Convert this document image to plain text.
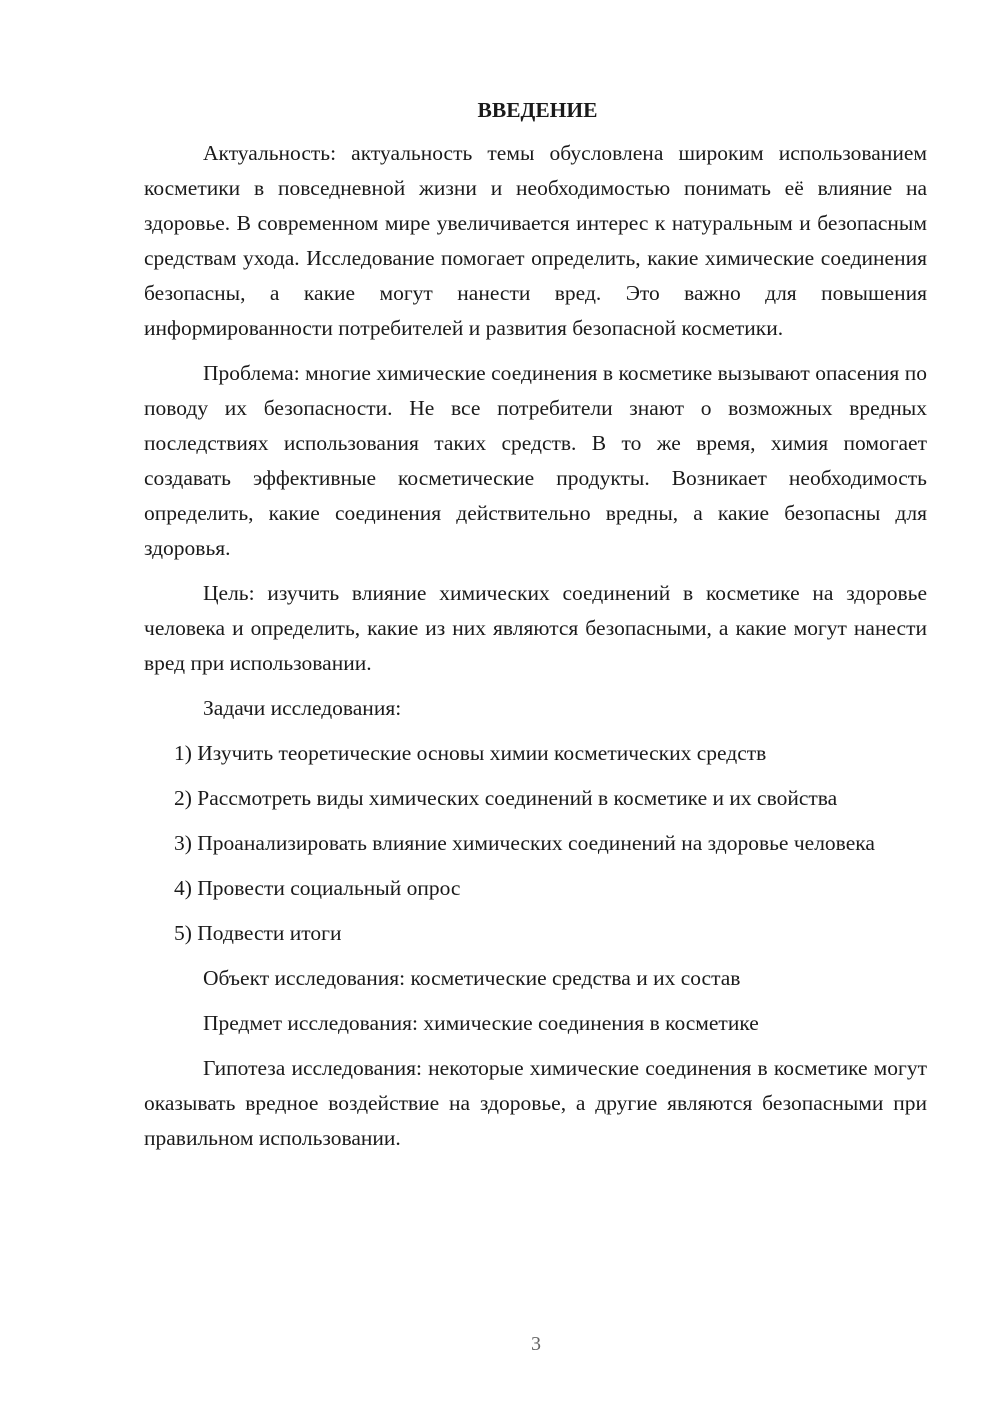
ВВЕДЕНИЕ

Актуальность: актуальность темы обусловлена широким использованием косметики в повседневной жизни и необходимостью понимать её влияние на здоровье. В современном мире увеличивается интерес к натуральным и безопасным средствам ухода. Исследование помогает определить, какие химические соединения безопасны, а какие могут нанести вред. Это важно для повышения информированности потребителей и развития безопасной косметики.

Проблема: многие химические соединения в косметике вызывают опасения по поводу их безопасности. Не все потребители знают о возможных вредных последствиях использования таких средств. В то же время, химия помогает создавать эффективные косметические продукты. Возникает необходимость определить, какие соединения действительно вредны, а какие безопасны для здоровья.

Цель: изучить влияние химических соединений в косметике на здоровье человека и определить, какие из них являются безопасными, а какие могут нанести вред при использовании.

Задачи исследования:

1) Изучить теоретические основы химии косметических средств

2) Рассмотреть виды химических соединений в косметике и их свойства

3) Проанализировать влияние химических соединений на здоровье человека

4) Провести социальный опрос

5) Подвести итоги

Объект исследования: косметические средства и их состав

Предмет исследования: химические соединения в косметике

Гипотеза исследования: некоторые химические соединения в косметике могут оказывать вредное воздействие на здоровье, а другие являются безопасными при правильном использовании.

3
